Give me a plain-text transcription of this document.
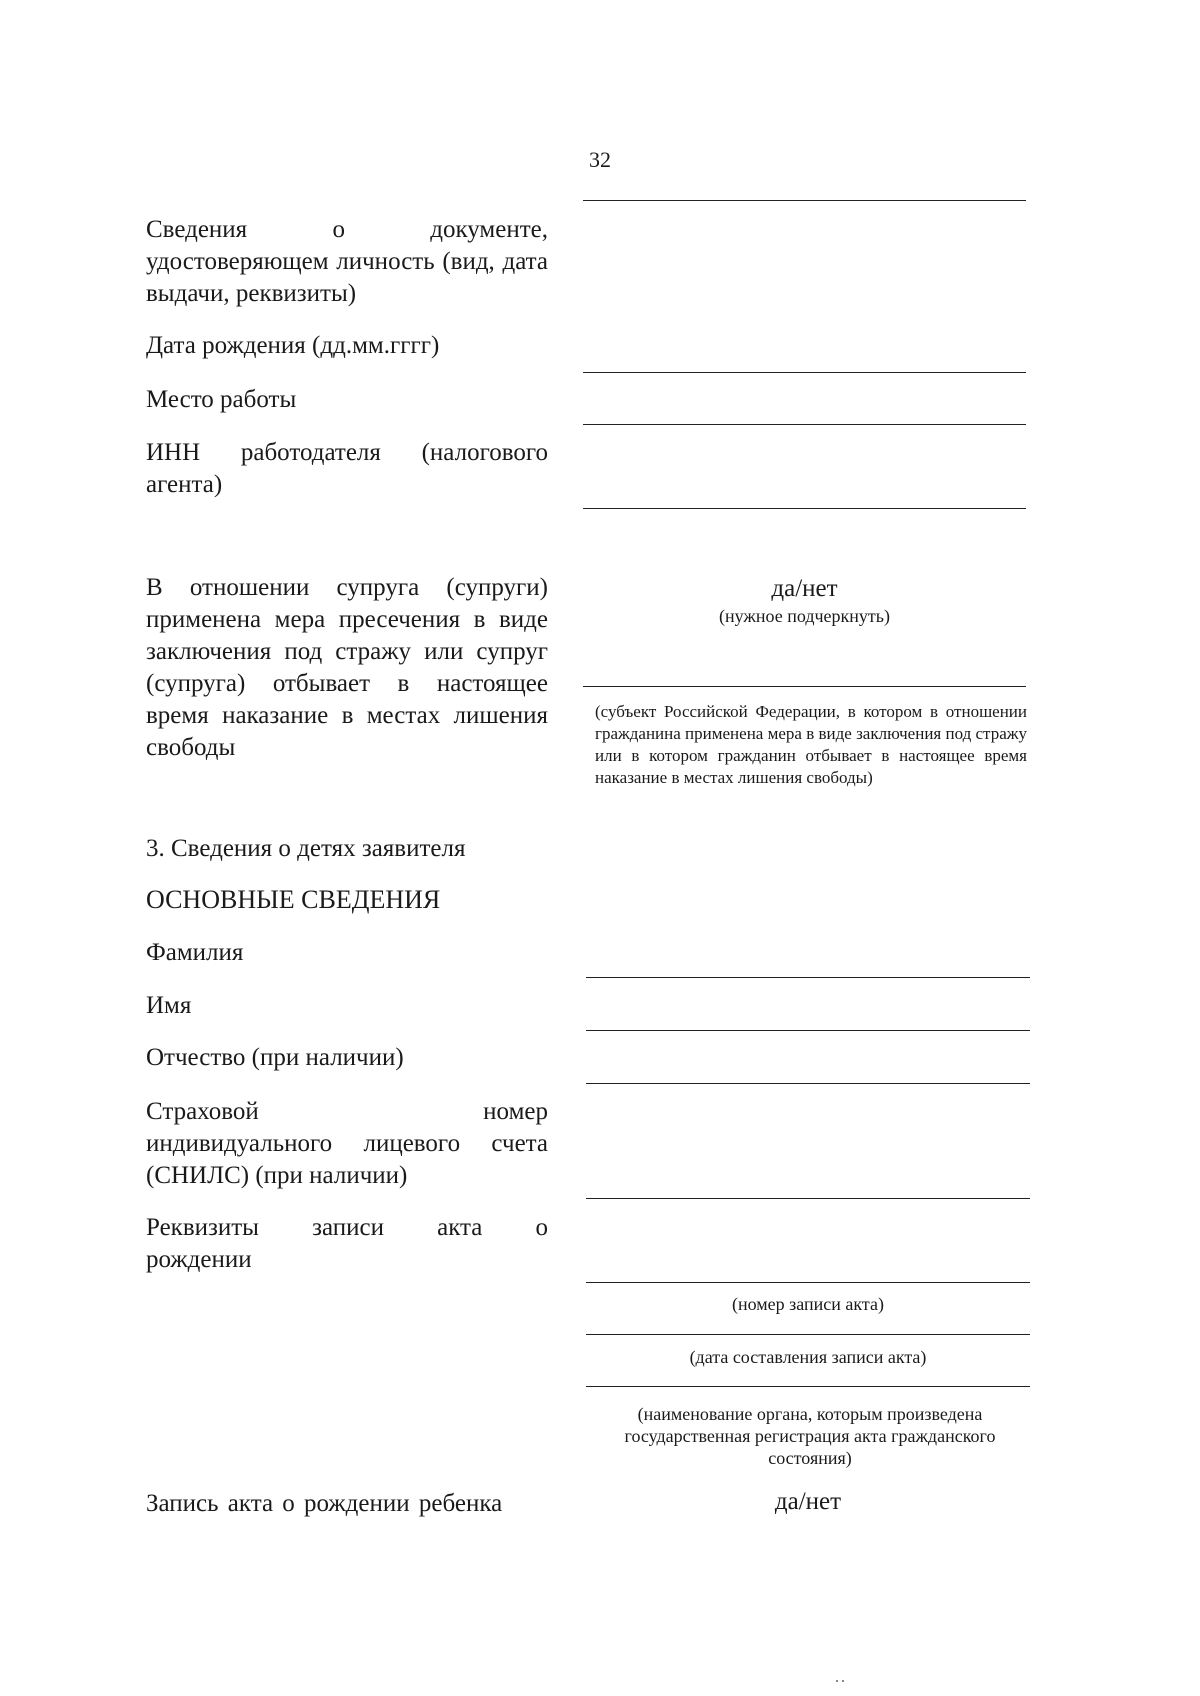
32
Сведения	о	документе,
удостоверяющем личность (вид, дата выдачи, реквизиты)
Дата рождения (дд.мм.гггг)
Место работы
ИНН работодателя (налогового агента)
В отношении супруга (супруги) применена мера пресечения в виде заключения под стражу или супруг (супруга) отбывает в настоящее время наказание в местах лишения свободы
да/нет
(нужное подчеркнуть)
(субъект Российской Федерации, в котором в отношении гражданина применена мера в виде заключения под стражу или в котором гражданин отбывает в настоящее время наказание в местах лишения свободы)
3. Сведения о детях заявителя
ОСНОВНЫЕ СВЕДЕНИЯ
Фамилия
Имя
Отчество (при наличии)
Страховой	номер
индивидуального лицевого счета (СНИЛС) (при наличии)
Реквизиты записи акта о
рождении
(номер записи акта)
(дата составления записи акта)
(наименование органа, которым произведена государственная регистрация акта гражданского состояния)
Запись акта о рождении ребенка	да/нет
